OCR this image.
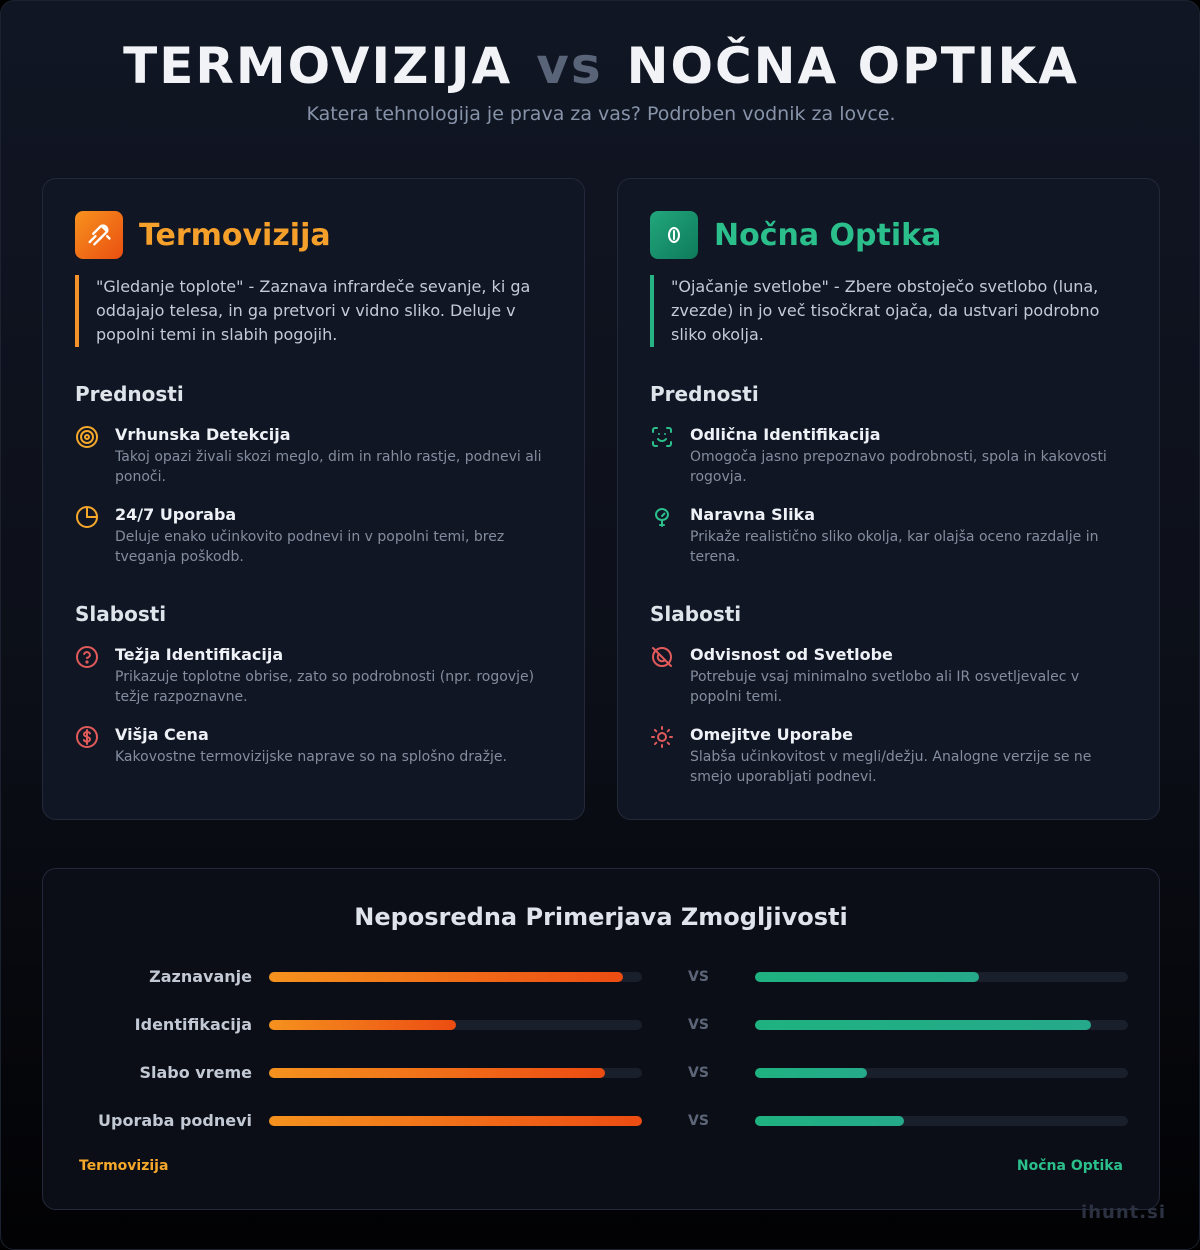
TERMOVIZIJA vs NOČNA OPTIKA
Katera tehnologija je prava za vas? Podroben vodnik za lovce.
Termovizija
"Gledanje toplote" - Zaznava infrardeče sevanje, ki ga oddajajo telesa, in ga pretvori v vidno sliko. Deluje v popolni temi in slabih pogojih.
Prednosti
Vrhunska Detekcija
Takoj opazi živali skozi meglo, dim in rahlo rastje, podnevi ali ponoči.
24/7 Uporaba
Deluje enako učinkovito podnevi in v popolni temi, brez tveganja poškodb.
Slabosti
Težja Identifikacija
Prikazuje toplotne obrise, zato so podrobnosti (npr. rogovje) težje razpoznavne.
Višja Cena
Kakovostne termovizijske naprave so na splošno dražje.
Nočna Optika
"Ojačanje svetlobe" - Zbere obstoječo svetlobo (luna, zvezde) in jo več tisočkrat ojača, da ustvari podrobno sliko okolja.
Prednosti
Odlična Identifikacija
Omogoča jasno prepoznavo podrobnosti, spola in kakovosti rogovja.
Naravna Slika
Prikaže realistično sliko okolja, kar olajša oceno razdalje in terena.
Slabosti
Odvisnost od Svetlobe
Potrebuje vsaj minimalno svetlobo ali IR osvetljevalec v popolni temi.
Omejitve Uporabe
Slabša učinkovitost v megli/dežju. Analogne verzije se ne smejo uporabljati podnevi.
Neposredna Primerjava Zmogljivosti
Zaznavanje	VS
Identifikacija	VS
Slabo vreme	VS
Uporaba podnevi	VS
Termovizija	Nočna Optika
ihunt.si
